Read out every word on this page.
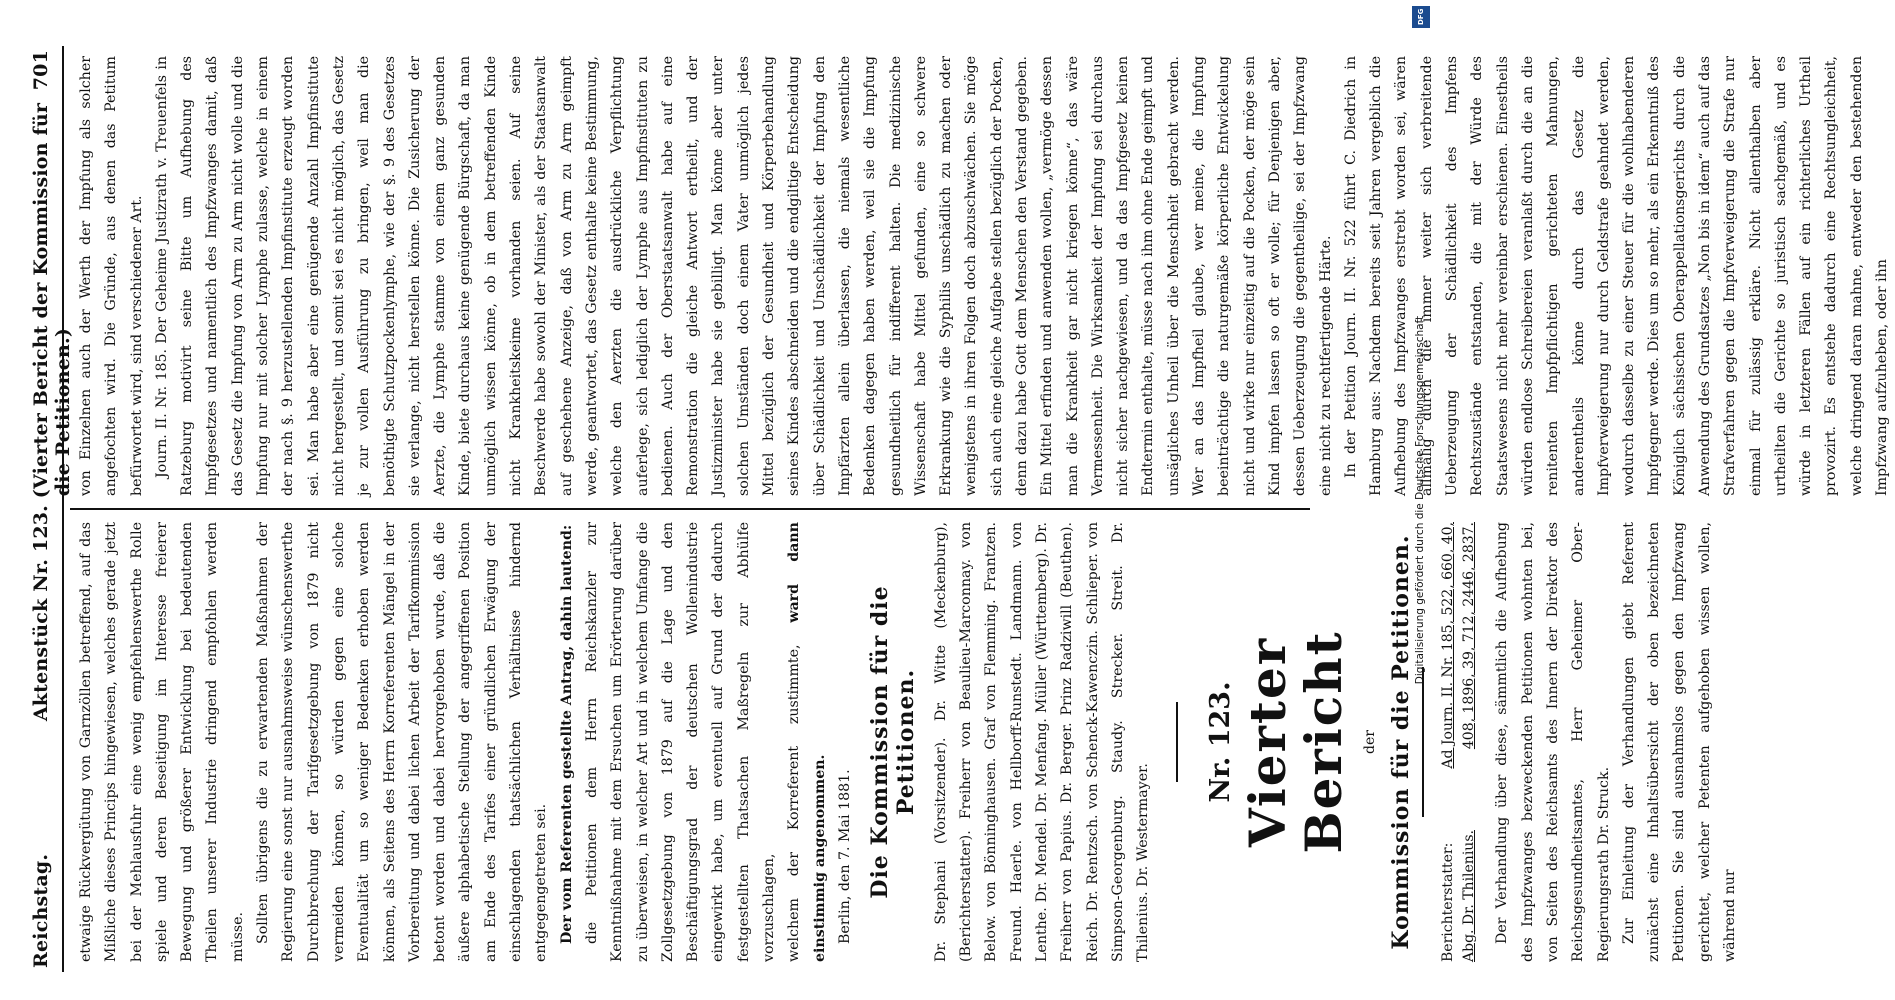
Reichstag.
Aktenstück Nr. 123. (Vierter Bericht der Kommission für die Petitionen.)
701

etwaige Rückvergütung von Garnzöllen betreffend, auf das Mißliche dieses Princips hingewiesen, welches gerade jetzt bei der Mehlausfuhr eine wenig empfehlenswerthe Rolle spiele und deren Beseitigung im Interesse freierer Bewegung und größerer Entwicklung bei bedeutenden Theilen unserer Industrie dringend empfohlen werden müsse. Sollten übrigens die zu erwartenden Maßnahmen der Regierung eine sonst nur ausnahmsweise wünschenswerthe Durchbrechung der Tarifgesetzgebung von 1879 nicht vermeiden können, so würden gegen eine solche Eventualität um so weniger Bedenken erhoben werden können, als Seitens des Herrn Korreferenten Mängel in der Vorbereitung und dabei lichen Arbeit der Tarifkommission betont worden und dabei hervorgehoben wurde, daß die äußere alphabetische Stellung der angegriffenen Position am Ende des Tarifes einer gründlichen Erwägung der einschlagenden thatsächlichen Verhältnisse hindernd entgegengetreten sei. Der vom Referenten gestellte Antrag, dahin lautend: die Petitionen dem Herrn Reichskanzler zur Kenntnißnahme mit dem Ersuchen um Erörterung darüber zu überweisen, in welcher Art und in welchem Umfange die Zollgesetzgebung von 1879 auf die Lage und den Beschäftigungsgrad der deutschen Wollenindustrie eingewirkt habe, um eventuell auf Grund der dadurch festgestellten Thatsachen Maßregeln zur Abhülfe vorzuschlagen, welchem der Korreferent zustimmte, ward dann einstimmig angenommen. Berlin, den 7. Mai 1881. Die Kommission für die Petitionen. Dr. Stephani (Vorsitzender). Dr. Witte (Meckenburg), (Berichterstatter). Freiherr von Beaulieu-Marconnay. von Below. von Bönninghausen. Graf von Flemming. Frantzen. Freund. Haerle. von Hellborff-Runstedt. Landmann. von Lenthe. Dr. Mendel. Dr. Menfang. Müller (Württemberg). Dr. Freiherr von Papius. Dr. Berger. Prinz Radziwill (Beuthen). Reich. Dr. Rentzsch. von Schenck-Kawenczin. Schlieper. von Simpson-Georgenburg. Staudy. Strecker. Streit. Dr. Thilenius. Dr. Westermayer.

Nr. 123. Vierter Bericht der Kommission für die Petitionen. Berichterstatter: Abg. Dr. Thilenius.
Ad Journ. II. Nr. 185, 522, 660, 40, 408, 1896, 39, 712, 2446, 2837. Der Verhandlung über diese, sämmtlich die Aufhebung des Impfzwanges bezweckenden Petitionen wohnten bei, von Seiten des Reichsamts des Innern der Direktor des Reichsgesundheitsamtes, Herr Geheimer Ober-Regierungsrath Dr. Struck. Zur Einleitung der Verhandlungen giebt Referent zunächst eine Inhaltsübersicht der oben bezeichneten Petitionen. Sie sind ausnahmslos gegen den Impfzwang gerichtet, welcher Petenten aufgehoben wissen wollen, während nur

von Einzelnen auch der Werth der Impfung als solcher angefochten wird. Die Gründe, aus denen das Petitum befürwortet wird, sind verschiedener Art. Journ. II. Nr. 185. Der Geheime Justizrath v. Treuenfels in Ratzeburg motivirt seine Bitte um Aufhebung des Impfgesetzes und namentlich des Impfzwanges damit, daß das Gesetz die Impfung von Arm zu Arm nicht wolle und die Impfung nur mit solcher Lymphe zulasse, welche in einem der nach §. 9 herzustellenden Impfinstitute erzeugt worden sei. Man habe aber eine genügende Anzahl Impfinstitute nicht hergestellt, und somit sei es nicht möglich, das Gesetz je zur vollen Ausführung zu bringen, weil man die benöthigte Schutzpockenlymphe, wie der §. 9 des Gesetzes sie verlange, nicht herstellen könne. Die Zusicherung der Aerzte, die Lymphe stamme von einem ganz gesunden Kinde, biete durchaus keine genügende Bürgschaft, da man unmöglich wissen könne, ob in dem betreffenden Kinde nicht Krankheitskeime vorhanden seien. Auf seine Beschwerde habe sowohl der Minister, als der Staatsanwalt auf geschehene Anzeige, daß von Arm zu Arm geimpft werde, geantwortet, das Gesetz enthalte keine Bestimmung, welche den Aerzten die ausdrückliche Verpflichtung auferlege, sich lediglich der Lymphe aus Impfinstituten zu bedienen. Auch der Oberstaatsanwalt habe auf eine Remonstration die gleiche Antwort ertheilt, und der Justizminister habe sie gebilligt. Man könne aber unter solchen Umständen doch einem Vater unmöglich jedes Mittel bezüglich der Gesundheit und Körperbehandlung seines Kindes abschneiden und die endgiltige Entscheidung über Schädlichkeit und Unschädlichkeit der Impfung den Impfärzten allein überlassen, die niemals wesentliche Bedenken dagegen haben werden, weil sie die Impfung gesundheitlich für indifferent halten. Die medizinische Wissenschaft habe Mittel gefunden, eine so schwere Erkrankung wie die Syphilis unschädlich zu machen oder wenigstens in ihren Folgen doch abzuschwächen. Sie möge sich auch eine gleiche Aufgabe stellen bezüglich der Pocken, denn dazu habe Gott dem Menschen den Verstand gegeben. Ein Mittel erfinden und anwenden wollen, „vermöge dessen man die Krankheit gar nicht kriegen könne“, das wäre Vermessenheit. Die Wirksamkeit der Impfung sei durchaus nicht sicher nachgewiesen, und da das Impfgesetz keinen Endtermin enthalte, müsse nach ihm ohne Ende geimpft und unsägliches Unheil über die Menschheit gebracht werden. Wer an das Impfheil glaube, wer meine, die Impfung beeinträchtige die naturgemäße körperliche Entwickelung nicht und wirke nur einzeitig auf die Pocken, der möge sein Kind impfen lassen so oft er wolle; für Denjenigen aber, dessen Ueberzeugung die gegentheilige, sei der Impfzwang eine nicht zu rechtfertigende Härte. In der Petition Journ. II. Nr. 522 führt C. Diedrich in Hamburg aus: Nachdem bereits seit Jahren vergeblich die Aufhebung des Impfzwanges erstrebt worden sei, wären allmälig durch die immer weiter sich verbreitende Ueberzeugung der Schädlichkeit des Impfens Rechtszustände entstanden, die mit der Würde des Staatswesens nicht mehr vereinbar erschienen. Einestheils würden endlose Schreibereien veranlaßt durch die an die renitenten Impfpflichtigen gerichteten Mahnungen, anderentheils könne durch das Gesetz die Impfverweigerung nur durch Geldstrafe geahndet werden, wodurch dasselbe zu einer Steuer für die wohlhabenderen Impfgegner werde. Dies um so mehr, als ein Erkenntniß des Königlich sächsischen Oberappellationsgerichts durch die Anwendung des Grundsatzes „Non bis in idem“ auch auf das Strafverfahren gegen die Impfverweigerung die Strafe nur einmal für zulässig erkläre. Nicht allenthalben aber urtheilten die Gerichte so juristisch sachgemäß, und es würde in letzteren Fällen auf ein richterliches Urtheil provozirt. Es entstehe dadurch eine Rechtsungleichheit, welche dringend daran mahne, entweder den bestehenden Impfzwang aufzuheben, oder ihn

Digitalisierung gefördert durch die Deutsche Forschungsgemeinschaft
DFG
